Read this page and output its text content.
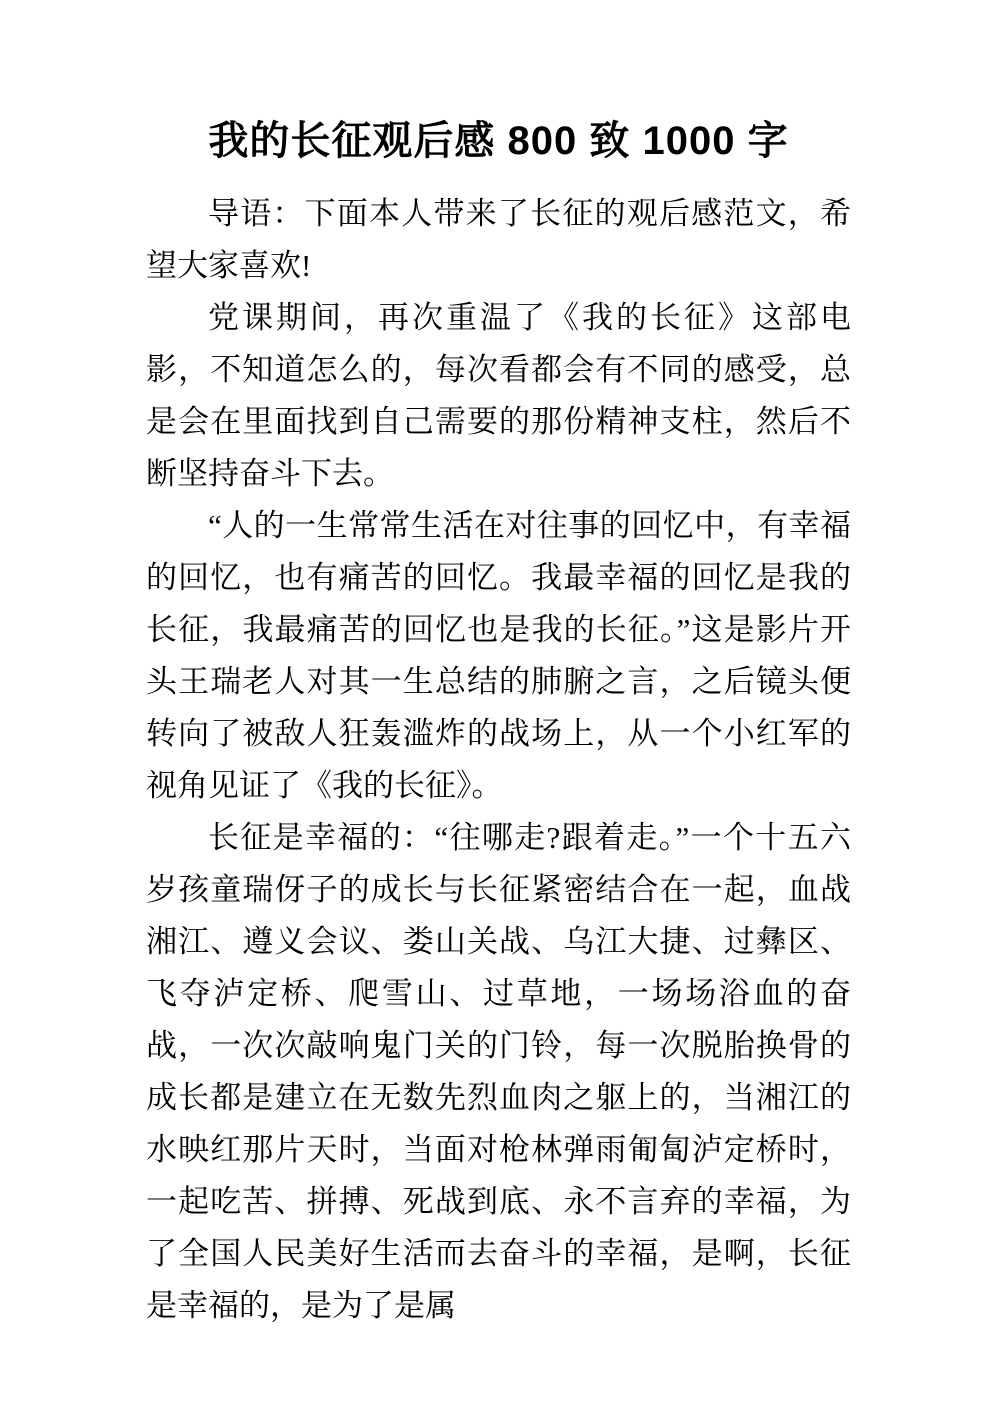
我的长征观后感 800 致 1000 字

导语：下面本人带来了长征的观后感范文，希望大家喜欢!

党课期间，再次重温了《我的长征》这部电影，不知道怎么的，每次看都会有不同的感受，总是会在里面找到自己需要的那份精神支柱，然后不断坚持奋斗下去。

“人的一生常常生活在对往事的回忆中，有幸福的回忆，也有痛苦的回忆。我最幸福的回忆是我的长征，我最痛苦的回忆也是我的长征。”这是影片开头王瑞老人对其一生总结的肺腑之言，之后镜头便转向了被敌人狂轰滥炸的战场上，从一个小红军的视角见证了《我的长征》。

长征是幸福的：“往哪走?跟着走。”一个十五六岁孩童瑞伢子的成长与长征紧密结合在一起，血战湘江、遵义会议、娄山关战、乌江大捷、过彝区、飞夺泸定桥、爬雪山、过草地，一场场浴血的奋战，一次次敲响鬼门关的门铃，每一次脱胎换骨的成长都是建立在无数先烈血肉之躯上的，当湘江的水映红那片天时，当面对枪林弹雨匍匐泸定桥时，一起吃苦、拼搏、死战到底、永不言弃的幸福，为了全国人民美好生活而去奋斗的幸福，是啊，长征是幸福的，是为了是属
